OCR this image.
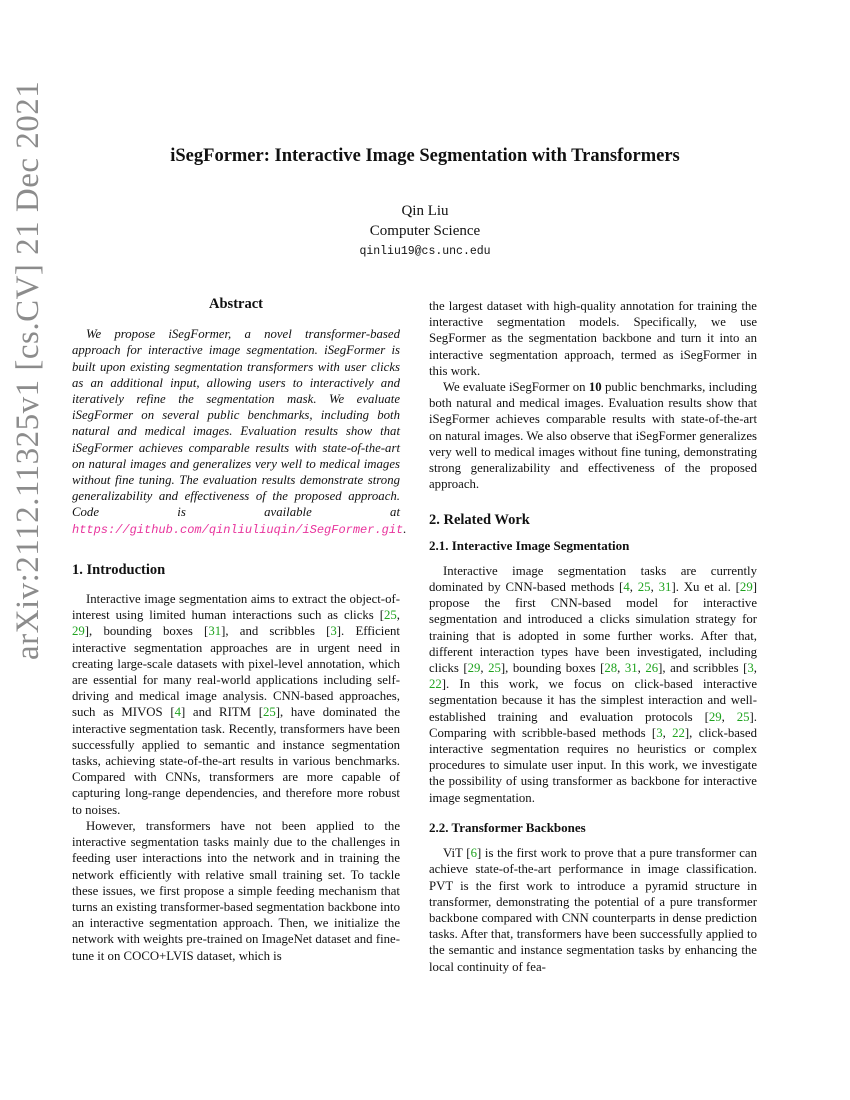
arXiv:2112.11325v1 [cs.CV] 21 Dec 2021	iSegFormer: Interactive Image Segmentation with Transformers
Qin Liu
Computer Science
qinliu19@cs.unc.edu
Abstract

We propose iSegFormer, a novel transformer-based approach for interactive image segmentation. iSegFormer is built upon existing segmentation transformers with user clicks as an additional input, allowing users to interactively and iteratively refine the segmentation mask. We evaluate iSegFormer on several public benchmarks, including both natural and medical images. Evaluation results show that iSegFormer achieves comparable results with state-of-the-art on natural images and generalizes very well to medical images without fine tuning. The evaluation results demonstrate strong generalizability and effectiveness of the proposed approach. Code is available at https://github.com/qinliuliuqin/iSegFormer.git.

1. Introduction

Interactive image segmentation aims to extract the object-of-interest using limited human interactions such as clicks [25, 29], bounding boxes [31], and scribbles [3]. Efficient interactive segmentation approaches are in urgent need in creating large-scale datasets with pixel-level annotation, which are essential for many real-world applications including self-driving and medical image analysis. CNN-based approaches, such as MIVOS [4] and RITM [25], have dominated the interactive segmentation task. Recently, transformers have been successfully applied to semantic and instance segmentation tasks, achieving state-of-the-art results in various benchmarks. Compared with CNNs, transformers are more capable of capturing long-range dependencies, and therefore more robust to noises.

However, transformers have not been applied to the interactive segmentation tasks mainly due to the challenges in feeding user interactions into the network and in training the network efficiently with relative small training set. To tackle these issues, we first propose a simple feeding mechanism that turns an existing transformer-based segmentation backbone into an interactive segmentation approach. Then, we initialize the network with weights pre-trained on ImageNet dataset and fine-tune it on COCO+LVIS dataset, which is

the largest dataset with high-quality annotation for training the interactive segmentation models. Specifically, we use SegFormer as the segmentation backbone and turn it into an interactive segmentation approach, termed as iSegFormer in this work.

We evaluate iSegFormer on 10 public benchmarks, including both natural and medical images. Evaluation results show that iSegFormer achieves comparable results with state-of-the-art on natural images. We also observe that iSegFormer generalizes very well to medical images without fine tuning, demonstrating strong generalizability and effectiveness of the proposed approach.

2. Related Work
2.1. Interactive Image Segmentation

Interactive image segmentation tasks are currently dominated by CNN-based methods [4, 25, 31]. Xu et al. [29] propose the first CNN-based model for interactive segmentation and introduced a clicks simulation strategy for training that is adopted in some further works. After that, different interaction types have been investigated, including clicks [29, 25], bounding boxes [28, 31, 26], and scribbles [3, 22]. In this work, we focus on click-based interactive segmentation because it has the simplest interaction and well-established training and evaluation protocols [29, 25]. Comparing with scribble-based methods [3, 22], click-based interactive segmentation requires no heuristics or complex procedures to simulate user input. In this work, we investigate the possibility of using transformer as backbone for interactive image segmentation.

2.2. Transformer Backbones

ViT [6] is the first work to prove that a pure transformer can achieve state-of-the-art performance in image classification. PVT is the first work to introduce a pyramid structure in transformer, demonstrating the potential of a pure transformer backbone compared with CNN counterparts in dense prediction tasks. After that, transformers have been successfully applied to the semantic and instance segmentation tasks by enhancing the local continuity of fea-
